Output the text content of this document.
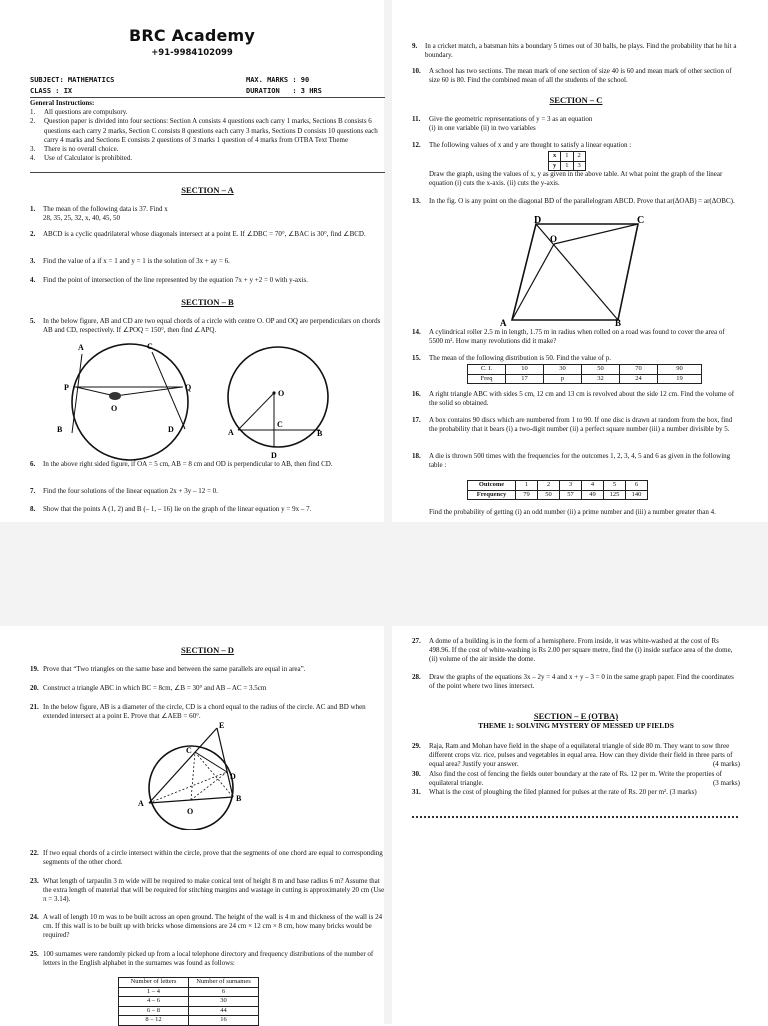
BRC Academy
+91-9984102099
SUBJECT: MATHEMATICS
CLASS : IX
MAX. MARKS : 90
DURATION   : 3 HRS
General Instructions:
1.	All questions are compulsory.
2.	Question paper is divided into four sections: Section A consists 4 questions each carry 1 marks, Sections B consists 6 questions each carry 2 marks, Section C consists 8 questions each carry 3 marks, Sections D consists 10 questions each carry 4 marks and Sections E consists 2 questions of 3 marks 1 question of 4 marks from OTBA Text Theme
3.	There is no overall choice.
4.	Use of Calculator is prohibited.
SECTION – A
1.	The mean of the following data is 37. Find x
28, 35, 25, 32, x, 40, 45, 50
2.	ABCD is a cyclic quadrilateral whose diagonals intersect at a point E. If ∠DBC = 70°, ∠BAC is 30°, find ∠BCD.
3.	Find the value of a if x = 1 and y = 1 is the solution of 3x + ay = 6.
4.	Find the point of intersection of the line represented by the equation 7x + y +2 = 0 with y-axis.
SECTION – B
5.	In the below figure, AB and CD are two equal chords of a circle with centre O. OP and OQ are perpendiculars on chords AB and CD, respectively. If ∠POQ = 150°, then find ∠APQ.
A	C
P	Q
O
B	D
O
C
A	B
D
6.	In the above right sided figure, if OA = 5 cm, AB = 8 cm and OD is perpendicular to AB, then find CD.
7.	Find the four solutions of the linear equation 2x + 3y – 12 = 0.
8.	Show that the points A (1, 2) and B (– 1, – 16) lie on the graph of the linear equation y = 9x – 7.
9.	In a cricket match, a batsman hits a boundary 5 times out of 30 balls, he plays. Find the probability that he hit a boundary.
10.	A school has two sections. The mean mark of one section of size 40 is 60 and mean mark of other section of size 60 is 80. Find the combined mean of all the students of the school.
SECTION – C
11.	Give the geometric representations of y = 3 as an equation
(i) in one variable (ii) in two variables
12.	The following values of x and y are thought to satisfy a linear equation :
x	1	2
y	1	3
Draw the graph, using the values of x, y as given in the above table. At what point the graph of the linear equation (i) cuts the x-axis. (ii) cuts the y-axis.
13.	In the fig. O is any point on the diagonal BD of the parallelogram ABCD. Prove that ar(ΔOAB) = ar(ΔOBC).
D	C
O
A	B
14.	A cylindrical roller 2.5 m in length, 1.75 m in radius when rolled on a road was found to cover the area of 5500 m². How many revolutions did it make?
15.	The mean of the following distribution is 50. Find the value of p.
C. I.	10	30	50	70	90
Freq	17	p	32	24	19
16.	A right triangle ABC with sides 5 cm, 12 cm and 13 cm is revolved about the side 12 cm. Find the volume of the solid so obtained.
17.	A box contains 90 discs which are numbered from 1 to 90. If one disc is drawn at random from the box, find the probability that it bears (i) a two-digit number (ii) a perfect square number (iii) a number divisible by 5.
18.	A die is thrown 500 times with the frequencies for the outcomes 1, 2, 3, 4, 5 and 6 as given in the following table :
Outcome	1	2	3	4	5	6
Frequency	79	50	57	49	125	140
Find the probability of getting (i) an odd number (ii) a prime number and (iii) a number greater than 4.
SECTION – D
19. Prove that “Two triangles on the same base and between the same parallels are equal in area”.
20. Construct a triangle ABC in which BC = 8cm, ∠B = 30° and AB – AC = 3.5cm
21. In the below figure, AB is a diameter of the circle, CD is a chord equal to the radius of the circle. AC and BD when extended intersect at a point E. Prove that ∠AEB = 60°.
E
C
D
A
B
O
22. If two equal chords of a circle intersect within the circle, prove that the segments of one chord are equal to corresponding segments of the other chord.
23. What length of tarpaulin 3 m wide will be required to make conical tent of height 8 m and base radius 6 m? Assume that the extra length of material that will be required for stitching margins and wastage in cutting is approximately 20 cm (Use π = 3.14).
24. A wall of length 10 m was to be built across an open ground. The height of the wall is 4 m and thickness of the wall is 24 cm. If this wall is to be built up with bricks whose dimensions are 24 cm × 12 cm × 8 cm, how many bricks would be required?
25. 100 surnames were randomly picked up from a local telephone directory and frequency distributions of the number of letters in the English alphabet in the surnames was found as follows:
Number of letters	Number of surnames
1 – 4	6
4 – 6	30
6 – 8	44
8 – 12	16
27.	A dome of a building is in the form of a hemisphere. From inside, it was white-washed at the cost of Rs 498.96. If the cost of white-washing is Rs 2.00 per square metre, find the (i) inside surface area of the dome, (ii) volume of the air inside the dome.
28.	Draw the graphs of the equations 3x – 2y = 4 and x + y – 3 = 0 in the same graph paper. Find the coordinates of the point where two lines intersect.
SECTION – E (OTBA)
THEME 1: SOLVING MYSTERY OF MESSED UP FIELDS
29.	Raja, Ram and Mohan have field in the shape of a equilateral triangle of side 80 m. They want to sow three different crops viz. rice, pulses and vegetables in equal area. How can they divide their field in three parts of equal area? Justify your answer.	(4 marks)
30.	Also find the cost of fencing the fields outer boundary at the rate of Rs. 12 per m. Write the properties of equilateral triangle.	(3 marks)
31.	What is the cost of ploughing the filed planned for pulses at the rate of Rs. 20 per m². (3 marks)
